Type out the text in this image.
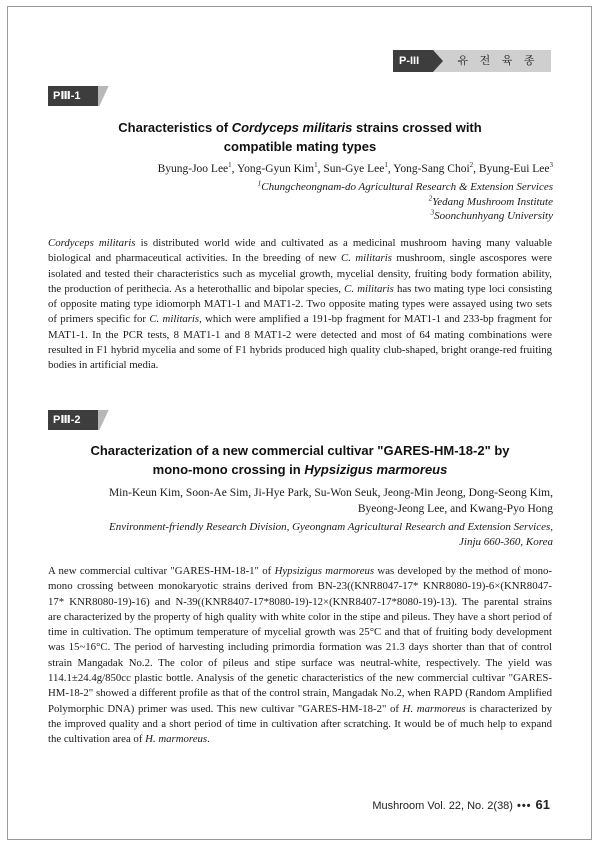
P-III	유 전 육 종
PⅢ-1
Characteristics of Cordyceps militaris strains crossed with
compatible mating types
Byung-Joo Lee$^1$, Yong-Gyun Kim$^1$, Sun-Gye Lee$^1$, Yong-Sang Choi$^2$, Byung-Eui Lee$^3$
$^1$Chungcheongnam-do Agricultural Research & Extension Services
$^2$Yedang Mushroom Institute
$^3$Soonchunhyang University
Cordyceps militaris is distributed world wide and cultivated as a medicinal mushroom having many valuable biological and pharmaceutical activities. In the breeding of new C. militaris mushroom, single ascospores were isolated and tested their characteristics such as mycelial growth, mycelial density, fruiting body formation ability, the production of perithecia. As a heterothallic and bipolar species, C. militaris has two mating type loci consisting of opposite mating type idiomorph MAT1-1 and MAT1-2. Two opposite mating types were assayed using two sets of primers specific for C. militaris, which were amplified a 191-bp fragment for MAT1-1 and 233-bp fragment for MAT1-1. In the PCR tests, 8 MAT1-1 and 8 MAT1-2 were detected and most of 64 mating combinations were resulted in F1 hybrid mycelia and some of F1 hybrids produced high quality club-shaped, bright orange-red fruiting bodies in artificial media.
PⅢ-2
Characterization of a new commercial cultivar "GARES-HM-18-2" by
mono-mono crossing in Hypsizigus marmoreus
Min-Keun Kim, Soon-Ae Sim, Ji-Hye Park, Su-Won Seuk, Jeong-Min Jeong, Dong-Seong Kim,
Byeong-Jeong Lee, and Kwang-Pyo Hong
Environment-friendly Research Division, Gyeongnam Agricultural Research and Extension Services,
Jinju 660-360, Korea
A new commercial cultivar "GARES-HM-18-1" of Hypsizigus marmoreus was developed by the method of mono-mono crossing between monokaryotic strains derived from BN-23((KNR8047-17* KNR8080-19)-6×(KNR8047-17* KNR8080-19)-16) and N-39((KNR8407-17*8080-19)-12×(KNR8407-17*8080-19)-13). The parental strains are characterized by the property of high quality with white color in the stipe and pileus. They have a short period of time in cultivation. The optimum temperature of mycelial growth was 25°C and that of fruiting body development was 15~16°C. The period of harvesting including primordia formation was 21.3 days shorter than that of control strain Mangadak No.2. The color of pileus and stipe surface was neutral-white, respectively. The yield was 114.1±24.4g/850cc plastic bottle. Analysis of the genetic characteristics of the new commercial cultivar "GARES-HM-18-2" showed a different profile as that of the control strain, Mangadak No.2, when RAPD (Random Amplified Polymorphic DNA) primer was used. This new cultivar "GARES-HM-18-2" of H. marmoreus is characterized by the improved quality and a short period of time in cultivation after scratching. It would be of much help to expand the cultivation area of H. marmoreus.
Mushroom Vol. 22, No. 2(38) ••• 61
